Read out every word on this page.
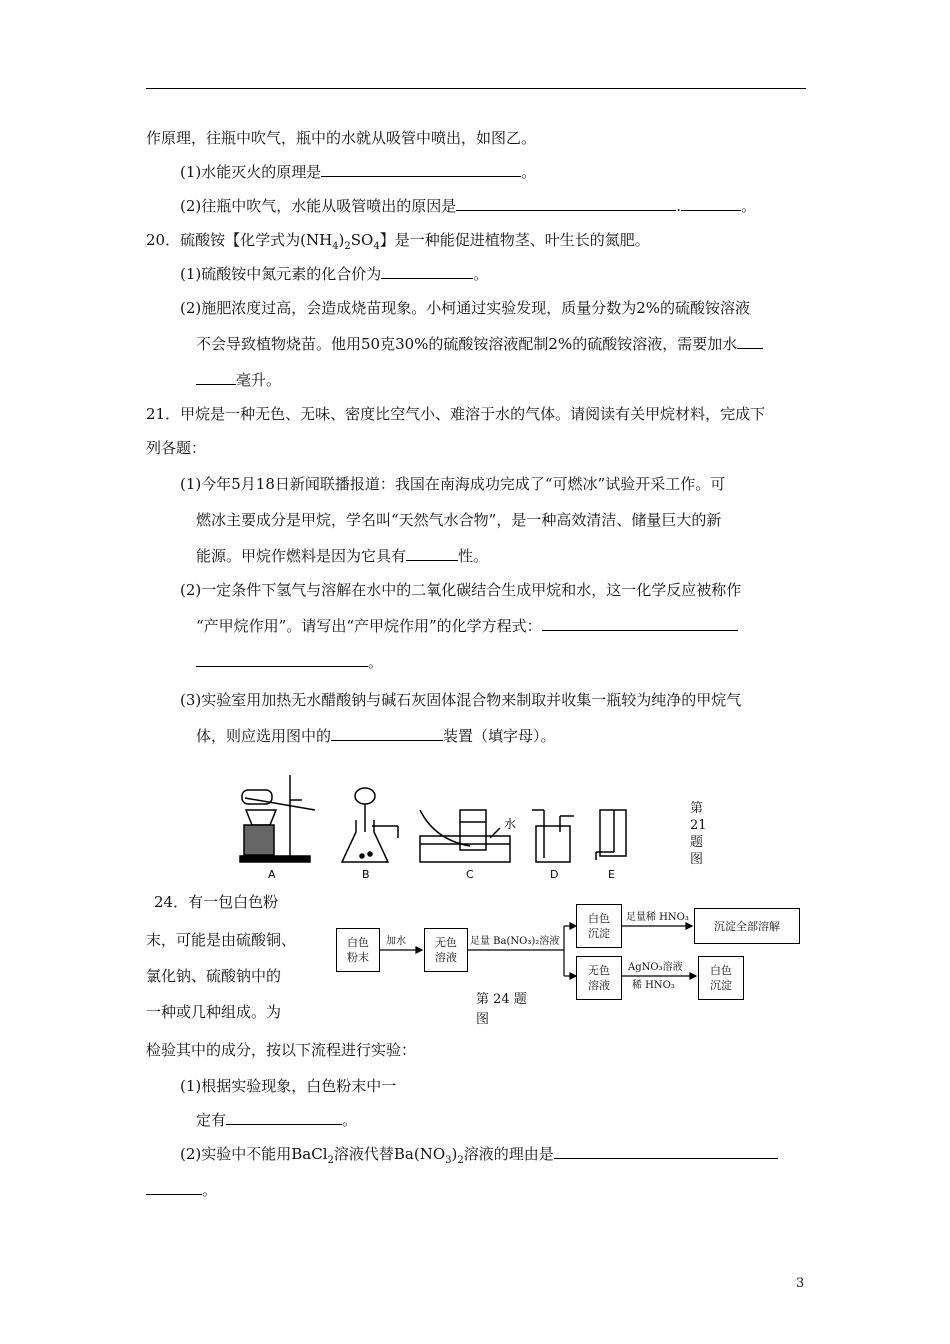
作原理，往瓶中吹气，瓶中的水就从吸管中喷出，如图乙。
(1)水能灭火的原理是	。
(2)往瓶中吹气，水能从吸管喷出的原因是	.	。
20．硫酸铵【化学式为$(NH_4)_2SO_4$】是一种能促进植物茎、叶生长的氮肥。
(1)硫酸铵中氮元素的化合价为	。
(2)施肥浓度过高，会造成烧苗现象。小柯通过实验发现，质量分数为2%的硫酸铵溶液
不会导致植物烧苗。他用50克30%的硫酸铵溶液配制2%的硫酸铵溶液，需要加水
毫升。
21．甲烷是一种无色、无味、密度比空气小、难溶于水的气体。请阅读有关甲烷材料，完成下
列各题：
(1)今年5月18日新闻联播报道：我国在南海成功完成了“可燃冰”试验开采工作。可
燃冰主要成分是甲烷，学名叫“天然气水合物”，是一种高效清洁、储量巨大的新
能源。甲烷作燃料是因为它具有	性。
(2)一定条件下氢气与溶解在水中的二氧化碳结合生成甲烷和水，这一化学反应被称作
“产甲烷作用”。请写出“产甲烷作用”的化学方程式：
。
(3)实验室用加热无水醋酸钠与碱石灰固体混合物来制取并收集一瓶较为纯净的甲烷气
体，则应选用图中的	装置（填字母）。
A	B	C	D	E
水
第21题图
24．有一包白色粉
末，可能是由硫酸铜、
氯化钠、硫酸钠中的
一种或几种组成。为
检验其中的成分，按以下流程进行实验：
(1)根据实验现象，白色粉末中一
定有	。
(2)实验中不能用BaCl$_2$溶液代替$Ba(NO_3)_2$溶液的理由是
。
白色粉末
加水	无色溶液
足量 Ba(NO₃)₂溶液
白色沉淀
足量稀 HNO₃
沉淀全部溶解
无色溶液
AgNO₃溶液
稀 HNO₃
白色沉淀
第 24 题
图
3
